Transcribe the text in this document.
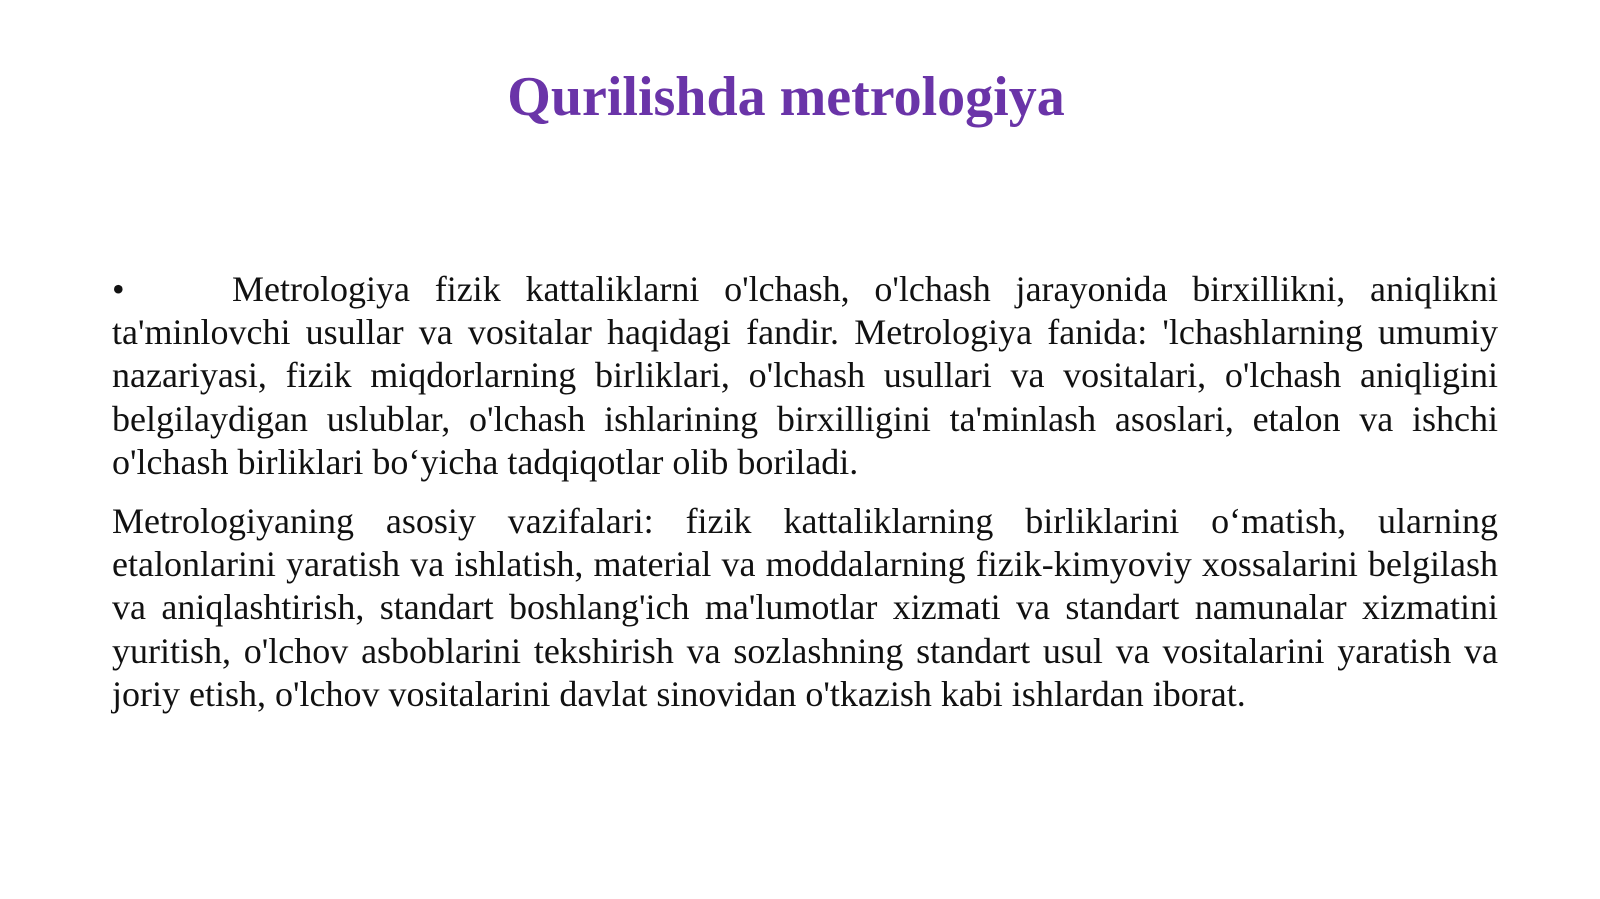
Qurilishda metrologiya

•	Metrologiya fizik kattaliklarni o'lchash, o'lchash jarayonida birxillikni, aniqlikni ta'minlovchi usullar va vositalar haqidagi fandir. Metrologiya fanida: 'lchashlarning umumiy nazariyasi, fizik miqdorlarning birliklari, o'lchash usullari va vositalari, o'lchash aniqligini belgilaydigan uslublar, o'lchash ishlarining birxilligini ta'minlash asoslari, etalon va ishchi o'lchash birliklari bo‘yicha tadqiqotlar olib boriladi.

Metrologiyaning asosiy vazifalari: fizik kattaliklarning birliklarini o‘matish, ularning etalonlarini yaratish va ishlatish, material va moddalarning fizik-kimyoviy xossalarini belgilash va aniqlashtirish, standart boshlang'ich ma'lumotlar xizmati va standart namunalar xizmatini yuritish, o'lchov asboblarini tekshirish va sozlashning standart usul va vositalarini yaratish va joriy etish, o'lchov vositalarini davlat sinovidan o'tkazish kabi ishlardan iborat.
